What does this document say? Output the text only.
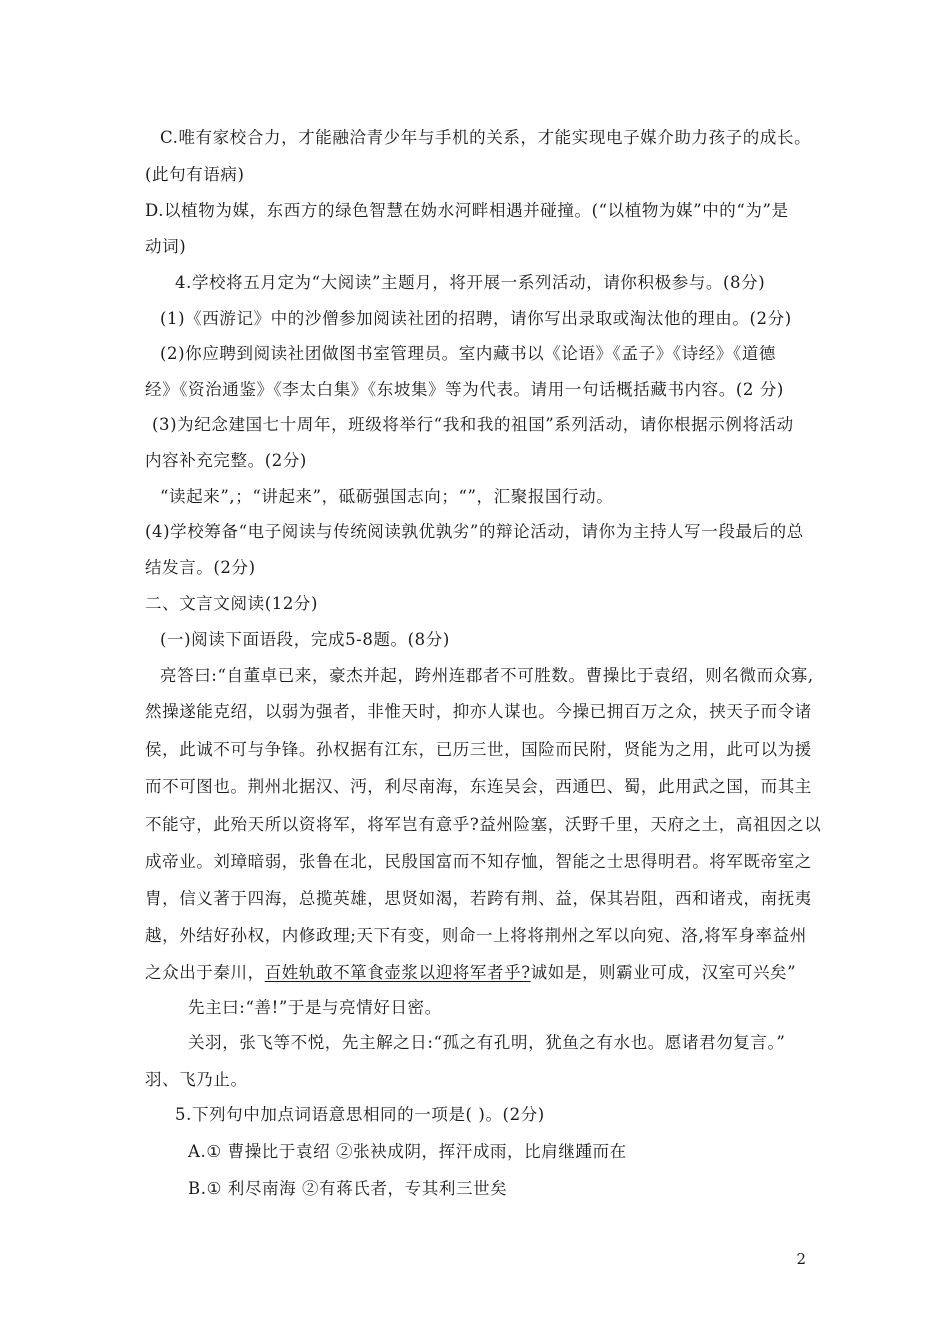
C.唯有家校合力，才能融洽青少年与手机的关系，才能实现电子媒介助力孩子的成长。
(此句有语病)
D.以植物为媒，东西方的绿色智慧在妫水河畔相遇并碰撞。(“以植物为媒”中的“为”是
动词)
4.学校将五月定为“大阅读”主题月，将开展一系列活动，请你积极参与。(8分)
(1)《西游记》中的沙僧参加阅读社团的招聘，请你写出录取或淘汰他的理由。(2分)
(2)你应聘到阅读社团做图书室管理员。室内藏书以《论语》《孟子》《诗经》《道德
经》《资治通鉴》《李太白集》《东坡集》等为代表。请用一句话概括藏书内容。(2 分)
(3)为纪念建国七十周年，班级将举行“我和我的祖国”系列活动，请你根据示例将活动
内容补充完整。(2分)
“读起来”,；“讲起来”，砥砺强国志向；“”，汇聚报国行动。
(4)学校筹备“电子阅读与传统阅读孰优孰劣”的辩论活动，请你为主持人写一段最后的总
结发言。(2分)
二、文言文阅读(12分)
(一)阅读下面语段，完成5-8题。(8分)
亮答曰:“自董卓已来，豪杰并起，跨州连郡者不可胜数。曹操比于袁绍，则名微而众寡,
然操遂能克绍，以弱为强者，非惟天时，抑亦人谋也。今操已拥百万之众，挟天子而令诸
侯，此诚不可与争锋。孙权据有江东，已历三世，国险而民附，贤能为之用，此可以为援
而不可图也。荆州北据汉、沔，利尽南海，东连吴会，西通巴、蜀，此用武之国，而其主
不能守，此殆天所以资将军，将军岂有意乎?益州险塞，沃野千里，天府之土，高祖因之以
成帝业。刘璋暗弱，张鲁在北，民殷国富而不知存恤，智能之士思得明君。将军既帝室之
胄，信义著于四海，总揽英雄，思贤如渴，若跨有荆、益，保其岩阻，西和诸戎，南抚夷
越，外结好孙权，内修政理;天下有变，则命一上将将荆州之军以向宛、洛,将军身率益州
之众出于秦川，百姓轨敢不箪食壶浆以迎将军者乎?诚如是，则霸业可成，汉室可兴矣”
先主曰:“善!”于是与亮情好日密。
关羽，张飞等不悦，先主解之日:“孤之有孔明，犹鱼之有水也。愿诸君勿复言。”
羽、飞乃止。
5.下列句中加点词语意思相同的一项是( )。(2分)
A.① 曹操比于袁绍 ②张袂成阴，挥汗成雨，比肩继踵而在
B.① 利尽南海 ②有蒋氏者，专其利三世矣
2
